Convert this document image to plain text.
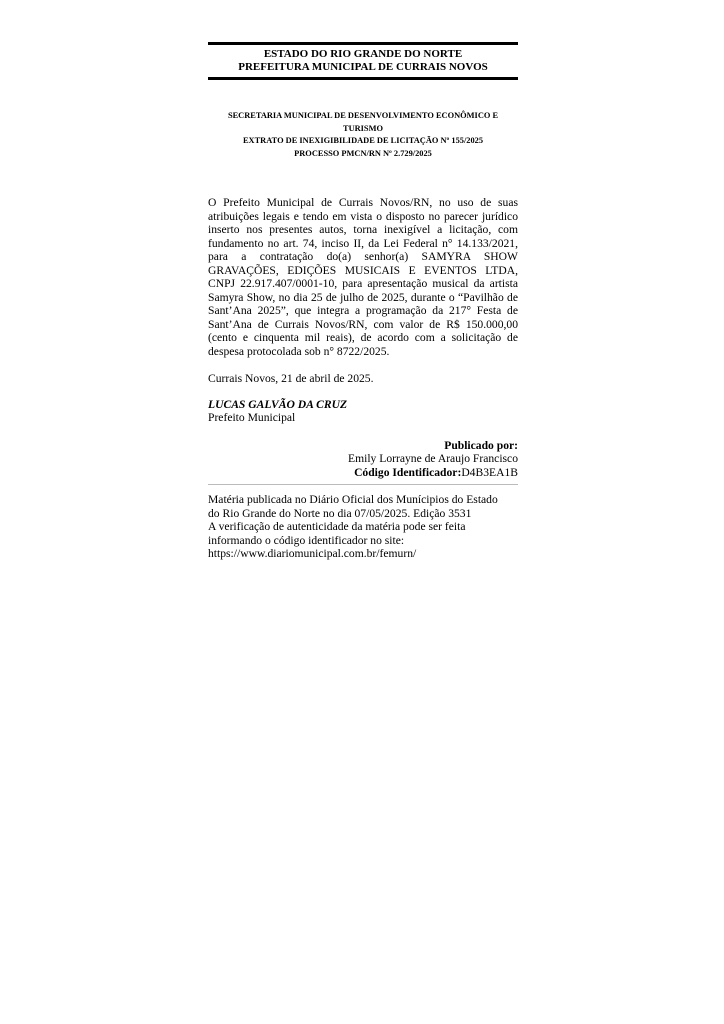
ESTADO DO RIO GRANDE DO NORTE
PREFEITURA MUNICIPAL DE CURRAIS NOVOS
SECRETARIA MUNICIPAL DE DESENVOLVIMENTO ECONÔMICO E TURISMO
EXTRATO DE INEXIGIBILIDADE DE LICITAÇÃO Nº 155/2025
PROCESSO PMCN/RN Nº 2.729/2025

O Prefeito Municipal de Currais Novos/RN, no uso de suas atribuições legais e tendo em vista o disposto no parecer jurídico inserto nos presentes autos, torna inexigível a licitação, com fundamento no art. 74, inciso II, da Lei Federal n° 14.133/2021, para a contratação do(a) senhor(a) SAMYRA SHOW GRAVAÇÕES, EDIÇÕES MUSICAIS E EVENTOS LTDA, CNPJ 22.917.407/0001-10, para apresentação musical da artista Samyra Show, no dia 25 de julho de 2025, durante o “Pavilhão de Sant’Ana 2025”, que integra a programação da 217° Festa de Sant’Ana de Currais Novos/RN, com valor de R$ 150.000,00 (cento e cinquenta mil reais), de acordo com a solicitação de despesa protocolada sob n° 8722/2025.

Currais Novos, 21 de abril de 2025.
LUCAS GALVÃO DA CRUZ
Prefeito Municipal
Publicado por:
Emily Lorrayne de Araujo Francisco
Código Identificador:D4B3EA1B
Matéria publicada no Diário Oficial dos Munícipios do Estado
do Rio Grande do Norte no dia 07/05/2025. Edição 3531
A verificação de autenticidade da matéria pode ser feita
informando o código identificador no site:
https://www.diariomunicipal.com.br/femurn/
